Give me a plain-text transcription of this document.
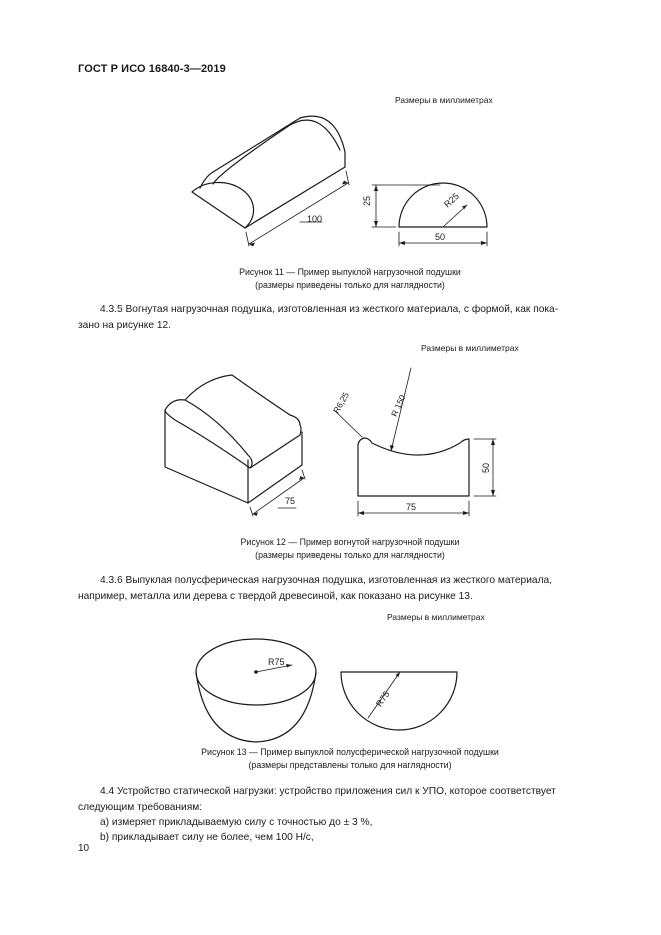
ГОСТ Р ИСО 16840-3—2019
Размеры в миллиметрах
100
25	R25
50
Рисунок 11 — Пример выпуклой нагрузочной подушки
(размеры приведены только для наглядности)
4.3.5 Вогнутая нагрузочная подушка, изготовленная из жесткого материала, с формой, как пока-
зано на рисунке 12.
Размеры в миллиметрах
R6,25	R 150
50
75
75
Рисунок 12 — Пример вогнутой нагрузочной подушки
(размеры приведены только для наглядности)
4.3.6 Выпуклая полусферическая нагрузочная подушка, изготовленная из жесткого материала,
например, металла или дерева с твердой древесиной, как показано на рисунке 13.
Размеры в миллиметрах
R75
R75
Рисунок 13 — Пример выпуклой полусферической нагрузочной подушки
(размеры представлены только для наглядности)
4.4 Устройство статической нагрузки: устройство приложения сил к УПО, которое соответствует
следующим требованиям:
a) измеряет прикладываемую силу с точностью до ± 3 %,
b) прикладывает силу не более, чем 100 Н/с,
10
